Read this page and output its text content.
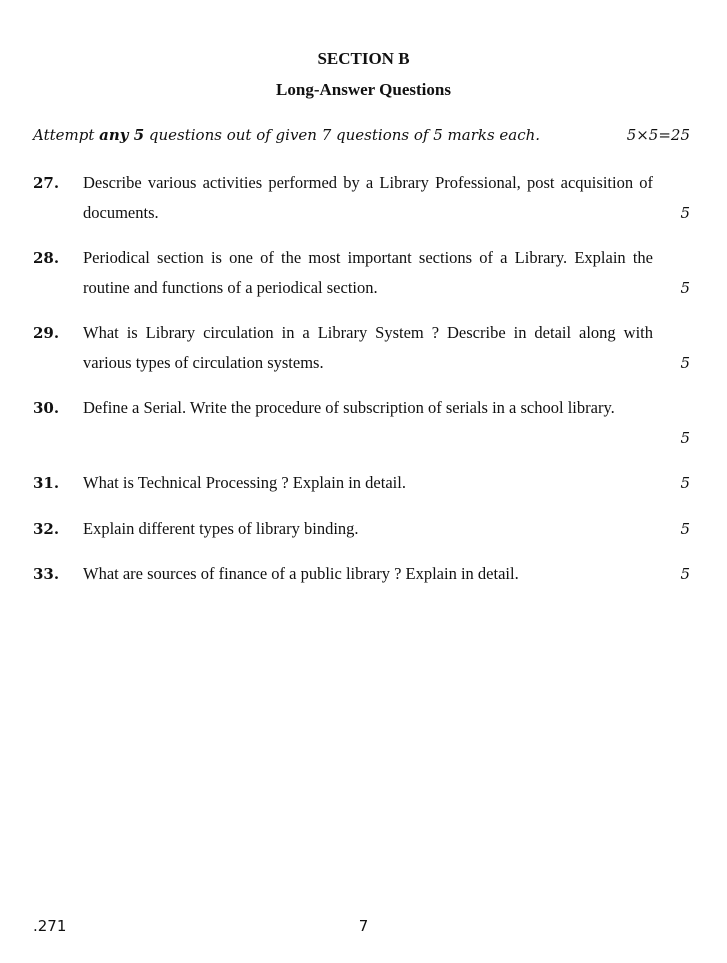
SECTION B
Long-Answer Questions
Attempt any 5 questions out of given 7 questions of 5 marks each.	5×5=25
27. Describe various activities performed by a Library Professional, post acquisition of documents.	5
28. Periodical section is one of the most important sections of a Library. Explain the routine and functions of a periodical section.	5
29. What is Library circulation in a Library System ? Describe in detail along with various types of circulation systems.	5
30. Define a Serial. Write the procedure of subscription of serials in a school library.
5
31. What is Technical Processing ? Explain in detail.	5
32. Explain different types of library binding.	5
33. What are sources of finance of a public library ? Explain in detail.	5
.271	7
